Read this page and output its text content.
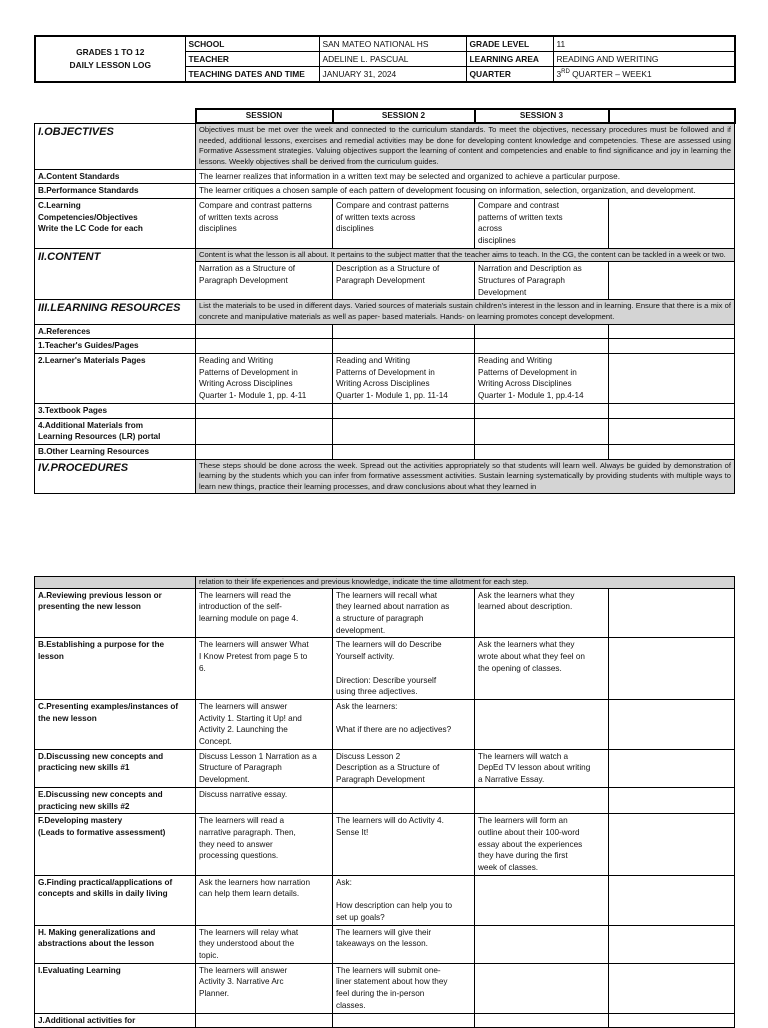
GRADES 1 TO 12
DAILY LESSON LOG	SCHOOL	SAN MATEO NATIONAL HS	GRADE LEVEL	11
	TEACHER	ADELINE L. PASCUAL	LEARNING AREA	READING AND WERITING
	TEACHING DATES AND TIME	JANUARY 31, 2024	QUARTER	3RD QUARTER – WEEK1
	SESSION	SESSION 2	SESSION 3	
I.OBJECTIVES	Objectives must be met over the week and connected to the curriculum standards. To meet the objectives, necessary procedures must be followed and if needed, additional lessons, exercises and remedial activities may be done for developing content knowledge and competencies. These are assessed using Formative Assessment strategies. Valuing objectives support the learning of content and competencies and enable to find significance and joy in learning the lessons. Weekly objectives shall be derived from the curriculum guides.			
A.Content Standards	The learner realizes that information in a written text may be selected and organized to achieve a particular purpose.			
B.Performance Standards	The learner critiques a chosen sample of each pattern of development focusing on information, selection, organization, and development.			
C.Learning
Competencies/Objectives
Write the LC Code for each	Compare and contrast patterns
of written texts across
disciplines	Compare and contrast patterns
of written texts across
disciplines	Compare and contrast
patterns of written texts
across
disciplines	
II.CONTENT	Content is what the lesson is all about. It pertains to the subject matter that the teacher aims to teach. In the CG, the content can be tackled in a week or two.			
	Narration as a Structure of
Paragraph Development	Description as a Structure of
Paragraph Development	Narration and Description as
Structures of Paragraph
Development	
III.LEARNING RESOURCES	List the materials to be used in different days. Varied sources of materials sustain children's interest in the lesson and in learning. Ensure that there is a mix of concrete and manipulative materials as well as paper- based materials. Hands- on learning promotes concept development.			
A.References				
1.Teacher's Guides/Pages				
2.Learner's Materials Pages	Reading and Writing
Patterns of Development in
Writing Across Disciplines
Quarter 1- Module 1, pp. 4-11	Reading and Writing
Patterns of Development in
Writing Across Disciplines
Quarter 1- Module 1, pp. 11-14	Reading and Writing
Patterns of Development in
Writing Across Disciplines
Quarter 1- Module 1, pp.4-14	
3.Textbook Pages				
4.Additional Materials from
Learning Resources (LR) portal				
B.Other Learning Resources				
IV.PROCEDURES	These steps should be done across the week. Spread out the activities appropriately so that students will learn well. Always be guided by demonstration of learning by the students which you can infer from formative assessment activities. Sustain learning systematically by providing students with multiple ways to learn new things, practice their learning processes, and draw conclusions about what they learned in			
	relation to their life experiences and previous knowledge, indicate the time allotment for each step.			
A.Reviewing previous lesson or
presenting the new lesson	The learners will read the
introduction of the self-
learning module on page 4.	The learners will recall what
they learned about narration as
a structure of paragraph
development.	Ask the learners what they
learned about description.	
B.Establishing a purpose for the
lesson	The learners will answer What
I Know Pretest from page 5 to
6.	The learners will do Describe
Yourself activity.

Direction: Describe yourself
using three adjectives.	Ask the learners what they
wrote about what they feel on
the opening of classes.	
C.Presenting examples/instances of
the new lesson	The learners will answer
Activity 1. Starting it Up! and
Activity 2. Launching the
Concept.	Ask the learners:

What if there are no adjectives?		
D.Discussing new concepts and
practicing new skills #1	Discuss Lesson 1 Narration as a
Structure of Paragraph
Development.	Discuss Lesson 2
Description as a Structure of
Paragraph Development	The learners will watch a
DepEd TV lesson about writing
a Narrative Essay.	
E.Discussing new concepts and
practicing new skills #2	Discuss narrative essay.			
F.Developing mastery
(Leads to formative assessment)	The learners will read a
narrative paragraph. Then,
they need to answer
processing questions.	The learners will do Activity 4.
Sense It!	The learners will form an
outline about their 100-word
essay about the experiences
they have during the first
week of classes.	
G.Finding practical/applications of
concepts and skills in daily living	Ask the learners how narration
can help them learn details.	Ask:

How description can help you to
set up goals?		
H. Making generalizations and
abstractions about the lesson	The learners will relay what
they understood about the
topic.	The learners will give their
takeaways on the lesson.		
I.Evaluating Learning	The learners will answer
Activity 3. Narrative Arc
Planner.	The learners will submit one-
liner statement about how they
feel during the in-person
classes.		
J.Additional activities for				
